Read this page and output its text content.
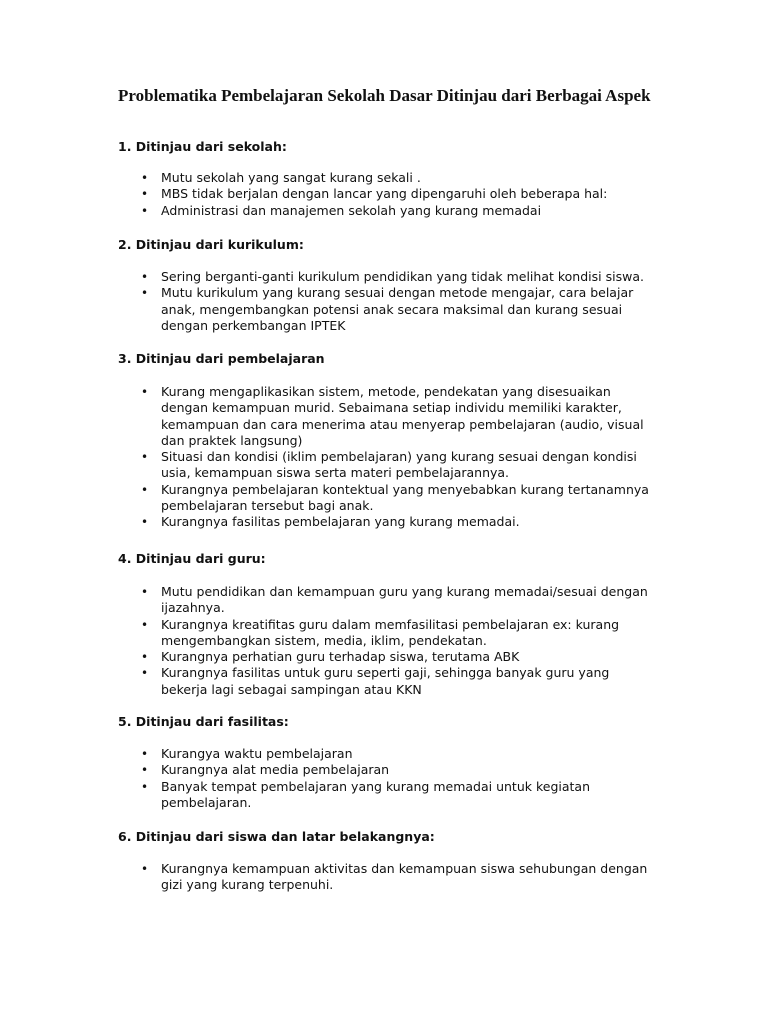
Problematika Pembelajaran Sekolah Dasar Ditinjau dari Berbagai Aspek
1. Ditinjau dari sekolah:
• Mutu sekolah yang sangat kurang sekali .
• MBS tidak berjalan dengan lancar yang dipengaruhi oleh beberapa hal:
• Administrasi dan manajemen sekolah yang kurang memadai
2. Ditinjau dari kurikulum:
• Sering berganti-ganti kurikulum pendidikan yang tidak melihat kondisi siswa.
• Mutu kurikulum yang kurang sesuai dengan metode mengajar, cara belajar anak, mengembangkan potensi anak secara maksimal dan kurang sesuai dengan perkembangan IPTEK
3. Ditinjau dari pembelajaran
• Kurang mengaplikasikan sistem, metode, pendekatan yang disesuaikan dengan kemampuan murid. Sebaimana setiap individu memiliki karakter, kemampuan dan cara menerima atau menyerap pembelajaran (audio, visual dan praktek langsung)
• Situasi dan kondisi (iklim pembelajaran) yang kurang sesuai dengan kondisi usia, kemampuan siswa serta materi pembelajarannya.
• Kurangnya pembelajaran kontektual yang menyebabkan kurang tertanamnya pembelajaran tersebut bagi anak.
• Kurangnya fasilitas pembelajaran yang kurang memadai.
4. Ditinjau dari guru:
• Mutu pendidikan dan kemampuan guru yang kurang memadai/sesuai dengan ijazahnya.
• Kurangnya kreatifitas guru dalam memfasilitasi pembelajaran ex: kurang mengembangkan sistem, media, iklim, pendekatan.
• Kurangnya perhatian guru terhadap siswa, terutama ABK
• Kurangnya fasilitas untuk guru seperti gaji, sehingga banyak guru yang bekerja lagi sebagai sampingan atau KKN
5. Ditinjau dari fasilitas:
• Kurangya waktu pembelajaran
• Kurangnya alat media pembelajaran
• Banyak tempat pembelajaran yang kurang memadai untuk kegiatan pembelajaran.
6. Ditinjau dari siswa dan latar belakangnya:
• Kurangnya kemampuan aktivitas dan kemampuan siswa sehubungan dengan gizi yang kurang terpenuhi.
